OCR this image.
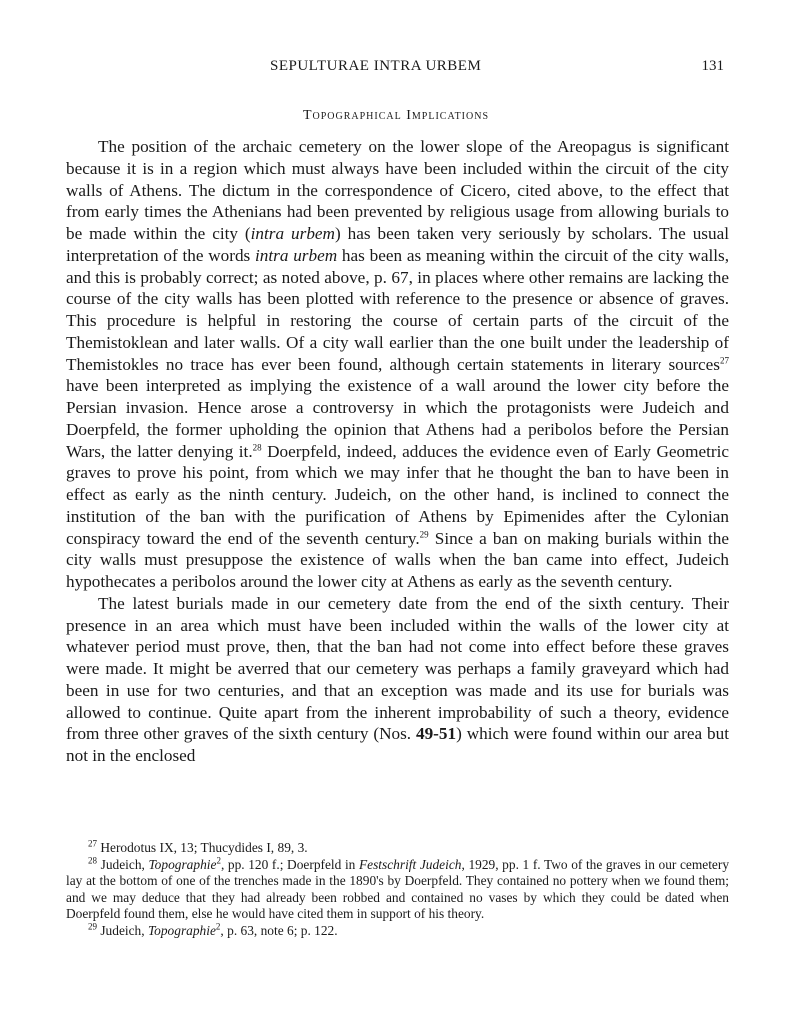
SEPULTURAE INTRA URBEM	131
Topographical Implications

The position of the archaic cemetery on the lower slope of the Areopagus is significant because it is in a region which must always have been included within the circuit of the city walls of Athens. The dictum in the correspondence of Cicero, cited above, to the effect that from early times the Athenians had been prevented by religious usage from allowing burials to be made within the city (intra urbem) has been taken very seriously by scholars. The usual interpretation of the words intra urbem has been as meaning within the circuit of the city walls, and this is probably correct; as noted above, p. 67, in places where other remains are lacking the course of the city walls has been plotted with reference to the presence or absence of graves. This procedure is helpful in restoring the course of certain parts of the circuit of the Themistoklean and later walls. Of a city wall earlier than the one built under the leadership of Themistokles no trace has ever been found, although certain statements in literary sources$^{27}$ have been interpreted as implying the existence of a wall around the lower city before the Persian invasion. Hence arose a controversy in which the protagonists were Judeich and Doerpfeld, the former upholding the opinion that Athens had a peribolos before the Persian Wars, the latter denying it.$^{28}$ Doerpfeld, indeed, adduces the evidence even of Early Geometric graves to prove his point, from which we may infer that he thought the ban to have been in effect as early as the ninth century. Judeich, on the other hand, is inclined to connect the institution of the ban with the purification of Athens by Epimenides after the Cylonian conspiracy toward the end of the seventh century.$^{29}$ Since a ban on making burials within the city walls must presuppose the existence of walls when the ban came into effect, Judeich hypothecates a peribolos around the lower city at Athens as early as the seventh century.

The latest burials made in our cemetery date from the end of the sixth century. Their presence in an area which must have been included within the walls of the lower city at whatever period must prove, then, that the ban had not come into effect before these graves were made. It might be averred that our cemetery was perhaps a family graveyard which had been in use for two centuries, and that an exception was made and its use for burials was allowed to continue. Quite apart from the inherent improbability of such a theory, evidence from three other graves of the sixth century (Nos. 49-51) which were found within our area but not in the enclosed

$^{27}$ Herodotus IX, 13; Thucydides I, 89, 3.

$^{28}$ Judeich, Topographie$^2$, pp. 120 f.; Doerpfeld in Festschrift Judeich, 1929, pp. 1 f. Two of the graves in our cemetery lay at the bottom of one of the trenches made in the 1890's by Doerpfeld. They contained no pottery when we found them; and we may deduce that they had already been robbed and contained no vases by which they could be dated when Doerpfeld found them, else he would have cited them in support of his theory.

$^{29}$ Judeich, Topographie$^2$, p. 63, note 6; p. 122.
